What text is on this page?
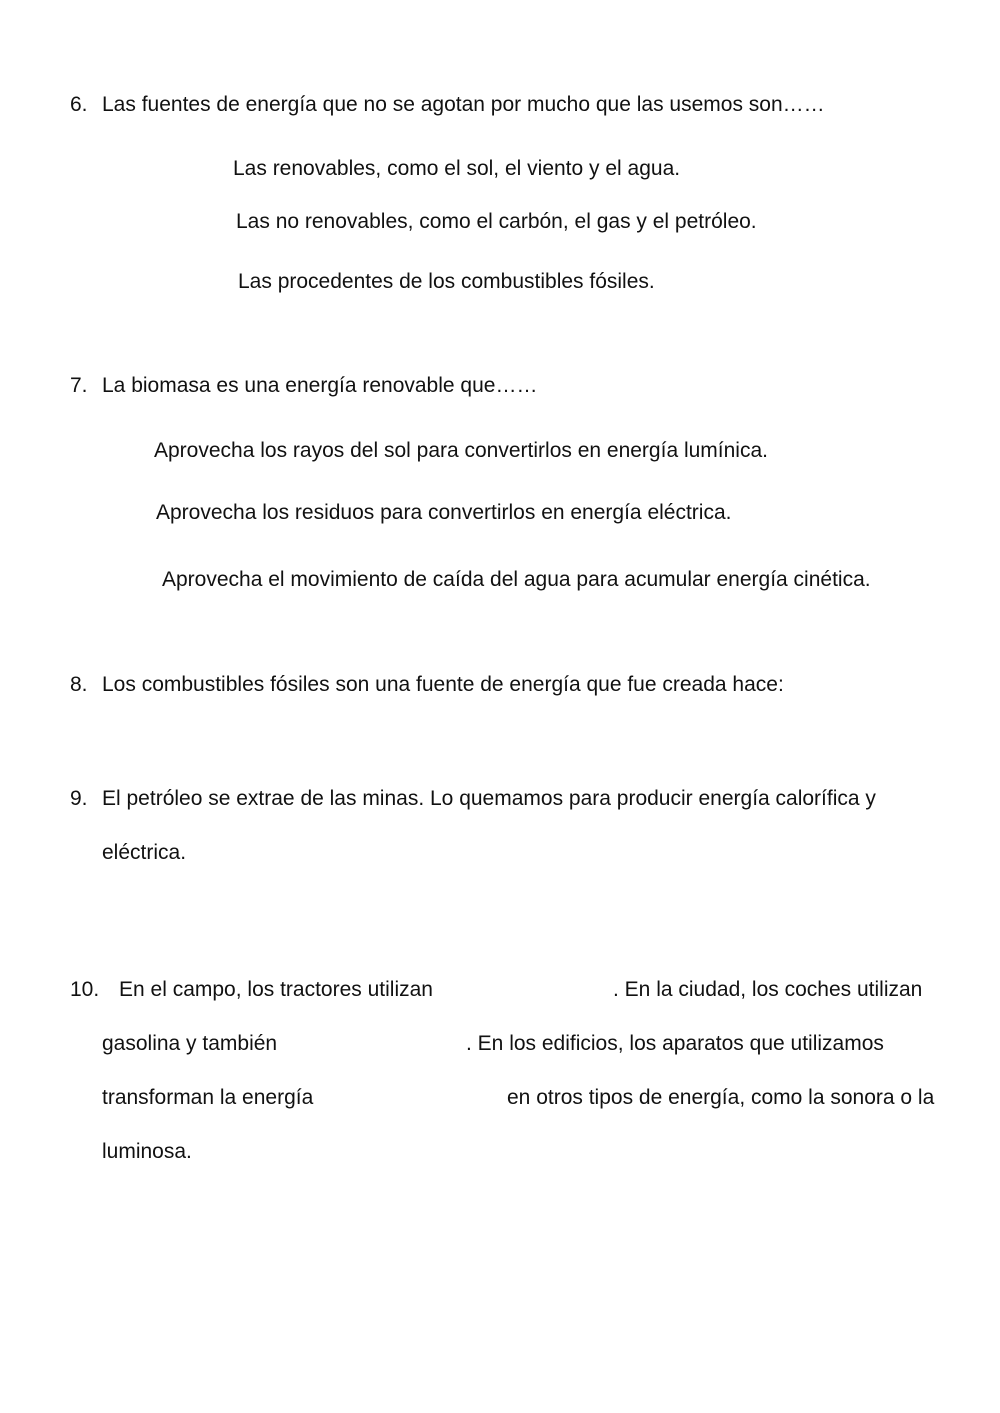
6. Las fuentes de energía que no se agotan por mucho que las usemos son……
Las renovables, como el sol, el viento y el agua.
Las no renovables, como el carbón, el gas y el petróleo.
Las procedentes de los combustibles fósiles.
7. La biomasa es una energía renovable que……
Aprovecha los rayos del sol para convertirlos en energía lumínica.
Aprovecha los residuos para convertirlos en energía eléctrica.
Aprovecha el movimiento de caída del agua para acumular energía cinética.
8. Los combustibles fósiles son una fuente de energía que fue creada hace:
9. El petróleo se extrae de las minas. Lo quemamos para producir energía calorífica y
eléctrica.
10. En el campo, los tractores utilizan	. En la ciudad, los coches utilizan
gasolina y también	. En los edificios, los aparatos que utilizamos
transforman la energía	en otros tipos de energía, como la sonora o la
luminosa.
